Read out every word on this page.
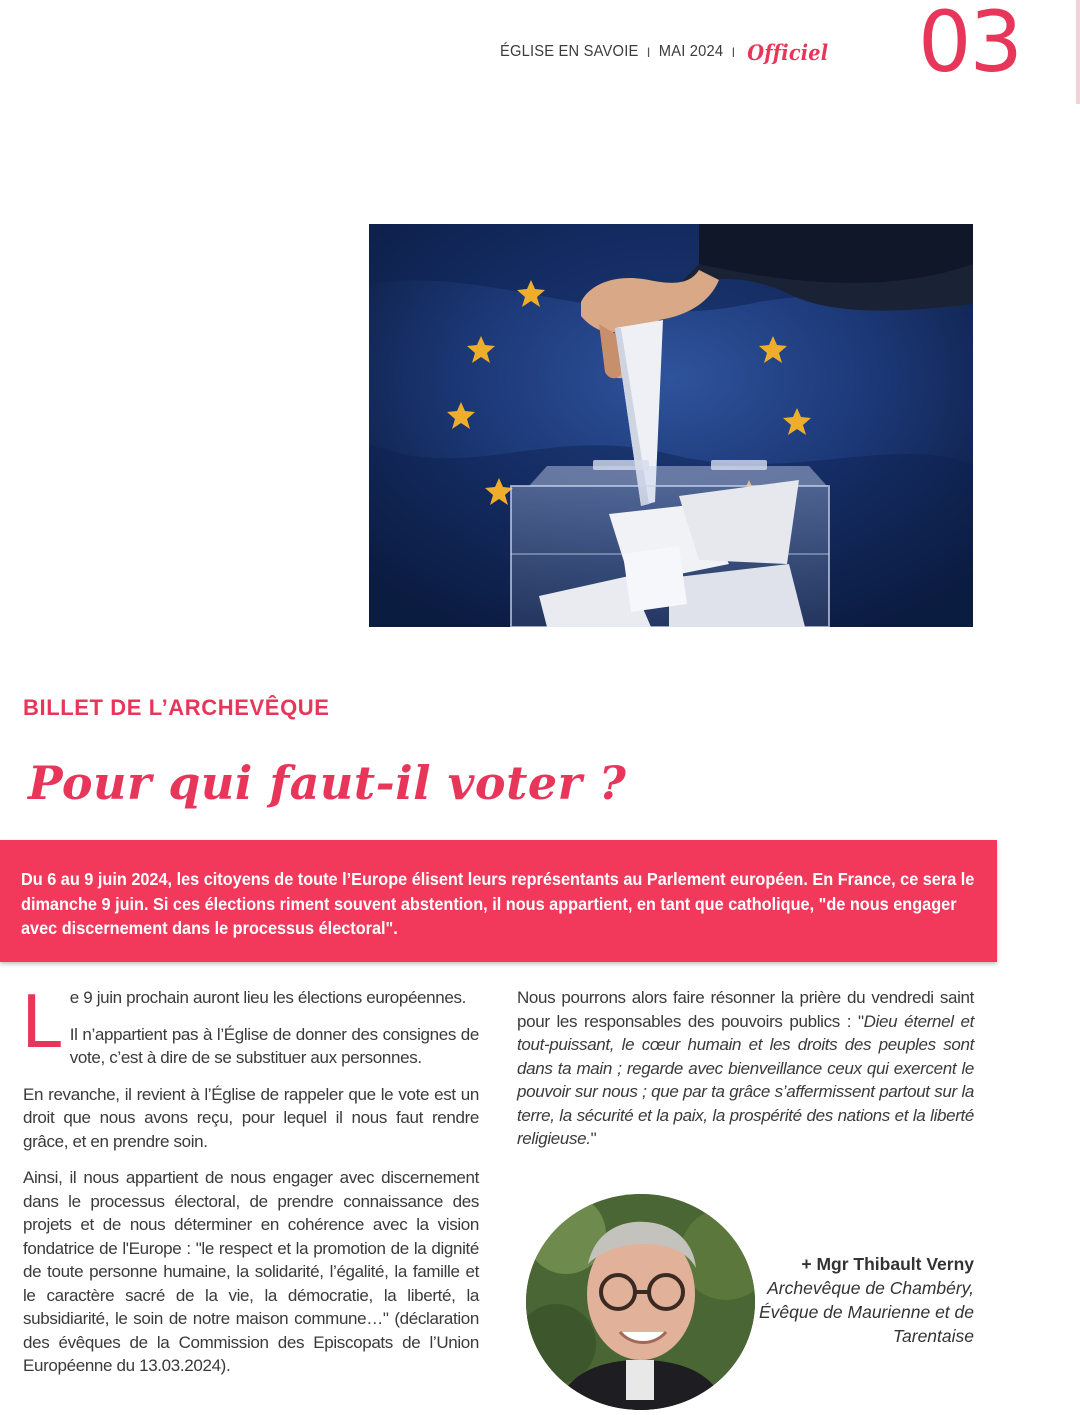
ÉGLISE EN SAVOIE I MAI 2024 I Officiel 03
BILLET DE L’ARCHEVÊQUE
Pour qui faut-il voter ?
Du 6 au 9 juin 2024, les citoyens de toute l’Europe élisent leurs représentants au Parlement européen. En France, ce sera le dimanche 9 juin. Si ces élections riment souvent abstention, il nous appartient, en tant que catholique, "de nous engager avec discernement dans le processus électoral".

L e 9 juin prochain auront lieu les élections européennes.

Il n’appartient pas à l’Église de donner des consignes de vote, c’est à dire de se substituer aux personnes.

En revanche, il revient à l’Église de rappeler que le vote est un droit que nous avons reçu, pour lequel il nous faut rendre grâce, et en prendre soin.

Ainsi, il nous appartient de nous engager avec discernement dans le processus électoral, de prendre connaissance des projets et de nous déterminer en cohérence avec la vision fondatrice de l'Europe : "le respect et la promotion de la dignité de toute personne humaine, la solidarité, l’égalité, la famille et le caractère sacré de la vie, la démocratie, la liberté, la subsidiarité, le soin de notre maison commune…" (déclaration des évêques de la Commission des Episcopats de l’Union Européenne du 13.03.2024).

Nous pourrons alors faire résonner la prière du vendredi saint pour les responsables des pouvoirs publics : "Dieu éternel et tout-puissant, le cœur humain et les droits des peuples sont dans ta main ; regarde avec bienveillance ceux qui exercent le pouvoir sur nous ; que par ta grâce s’affermissent partout sur la terre, la sécurité et la paix, la prospérité des nations et la liberté religieuse."

+ Mgr Thibault Verny
Archevêque de Chambéry,
Évêque de Maurienne et de
Tarentaise
